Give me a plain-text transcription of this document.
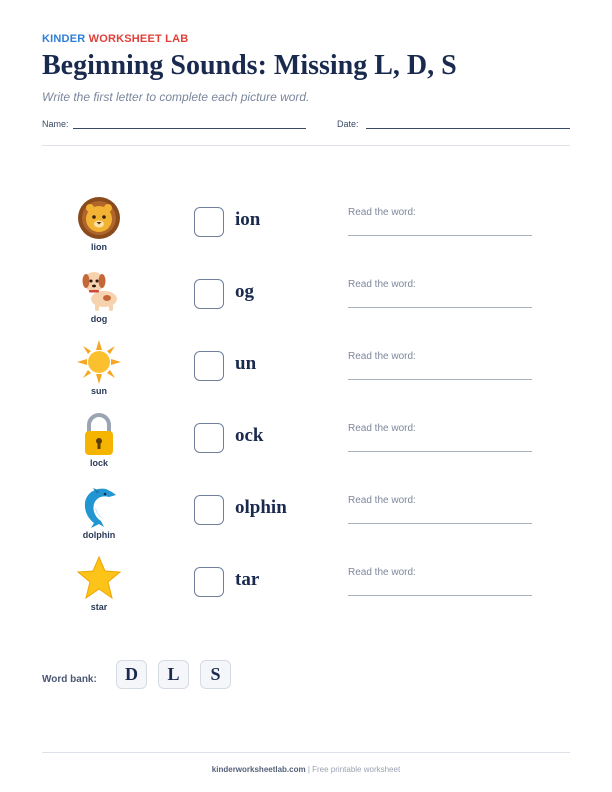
KINDER WORKSHEET LAB
Beginning Sounds: Missing L, D, S
Write the first letter to complete each picture word.
Name:	Date:
lion
ion	Read the word:
dog
og	Read the word:
sun
un	Read the word:
lock
ock	Read the word:
dolphin
olphin	Read the word:
star
tar	Read the word:
Word bank:	D	L	S
kinderworksheetlab.com | Free printable worksheet
